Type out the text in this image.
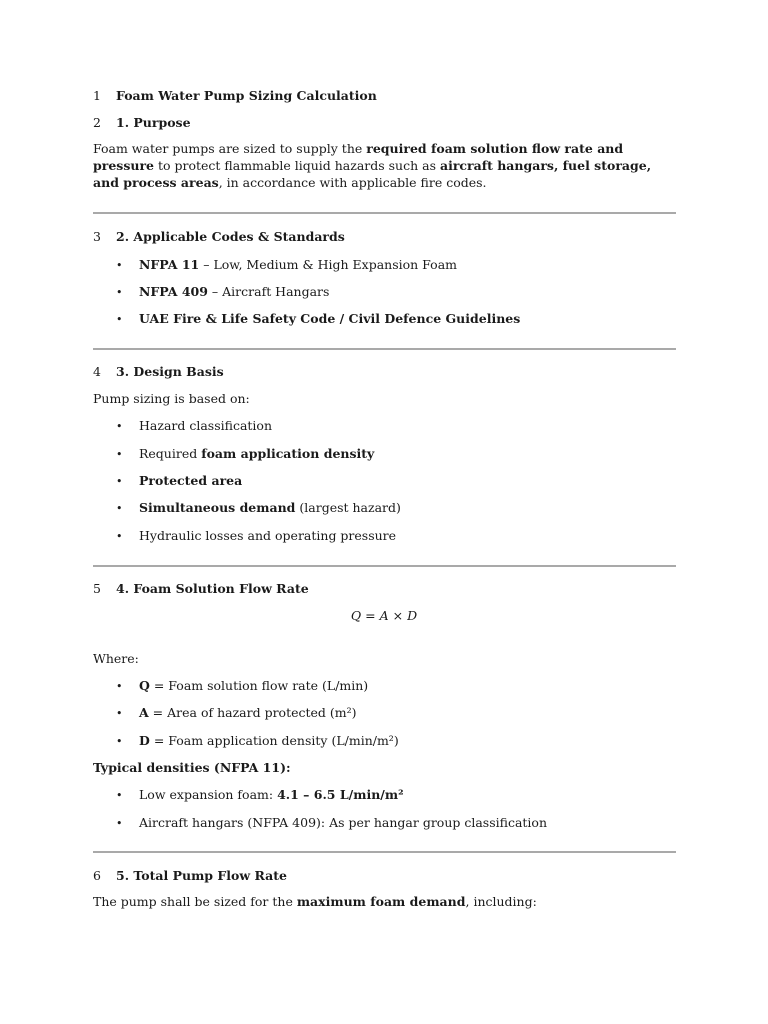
1 Foam Water Pump Sizing Calculation
2 1. Purpose
Foam water pumps are sized to supply the required foam solution flow rate and pressure to protect flammable liquid hazards such as aircraft hangars, fuel storage, and process areas, in accordance with applicable fire codes.
3 2. Applicable Codes & Standards
• NFPA 11 – Low, Medium & High Expansion Foam
• NFPA 409 – Aircraft Hangars
• UAE Fire & Life Safety Code / Civil Defence Guidelines
4 3. Design Basis
Pump sizing is based on:
• Hazard classification
• Required foam application density
• Protected area
• Simultaneous demand (largest hazard)
• Hydraulic losses and operating pressure
5 4. Foam Solution Flow Rate
Q = A × D
Where:
• Q = Foam solution flow rate (L/min)
• A = Area of hazard protected (m²)
• D = Foam application density (L/min/m²)
Typical densities (NFPA 11):
• Low expansion foam: 4.1 – 6.5 L/min/m²
• Aircraft hangars (NFPA 409): As per hangar group classification
6 5. Total Pump Flow Rate
The pump shall be sized for the maximum foam demand, including:
